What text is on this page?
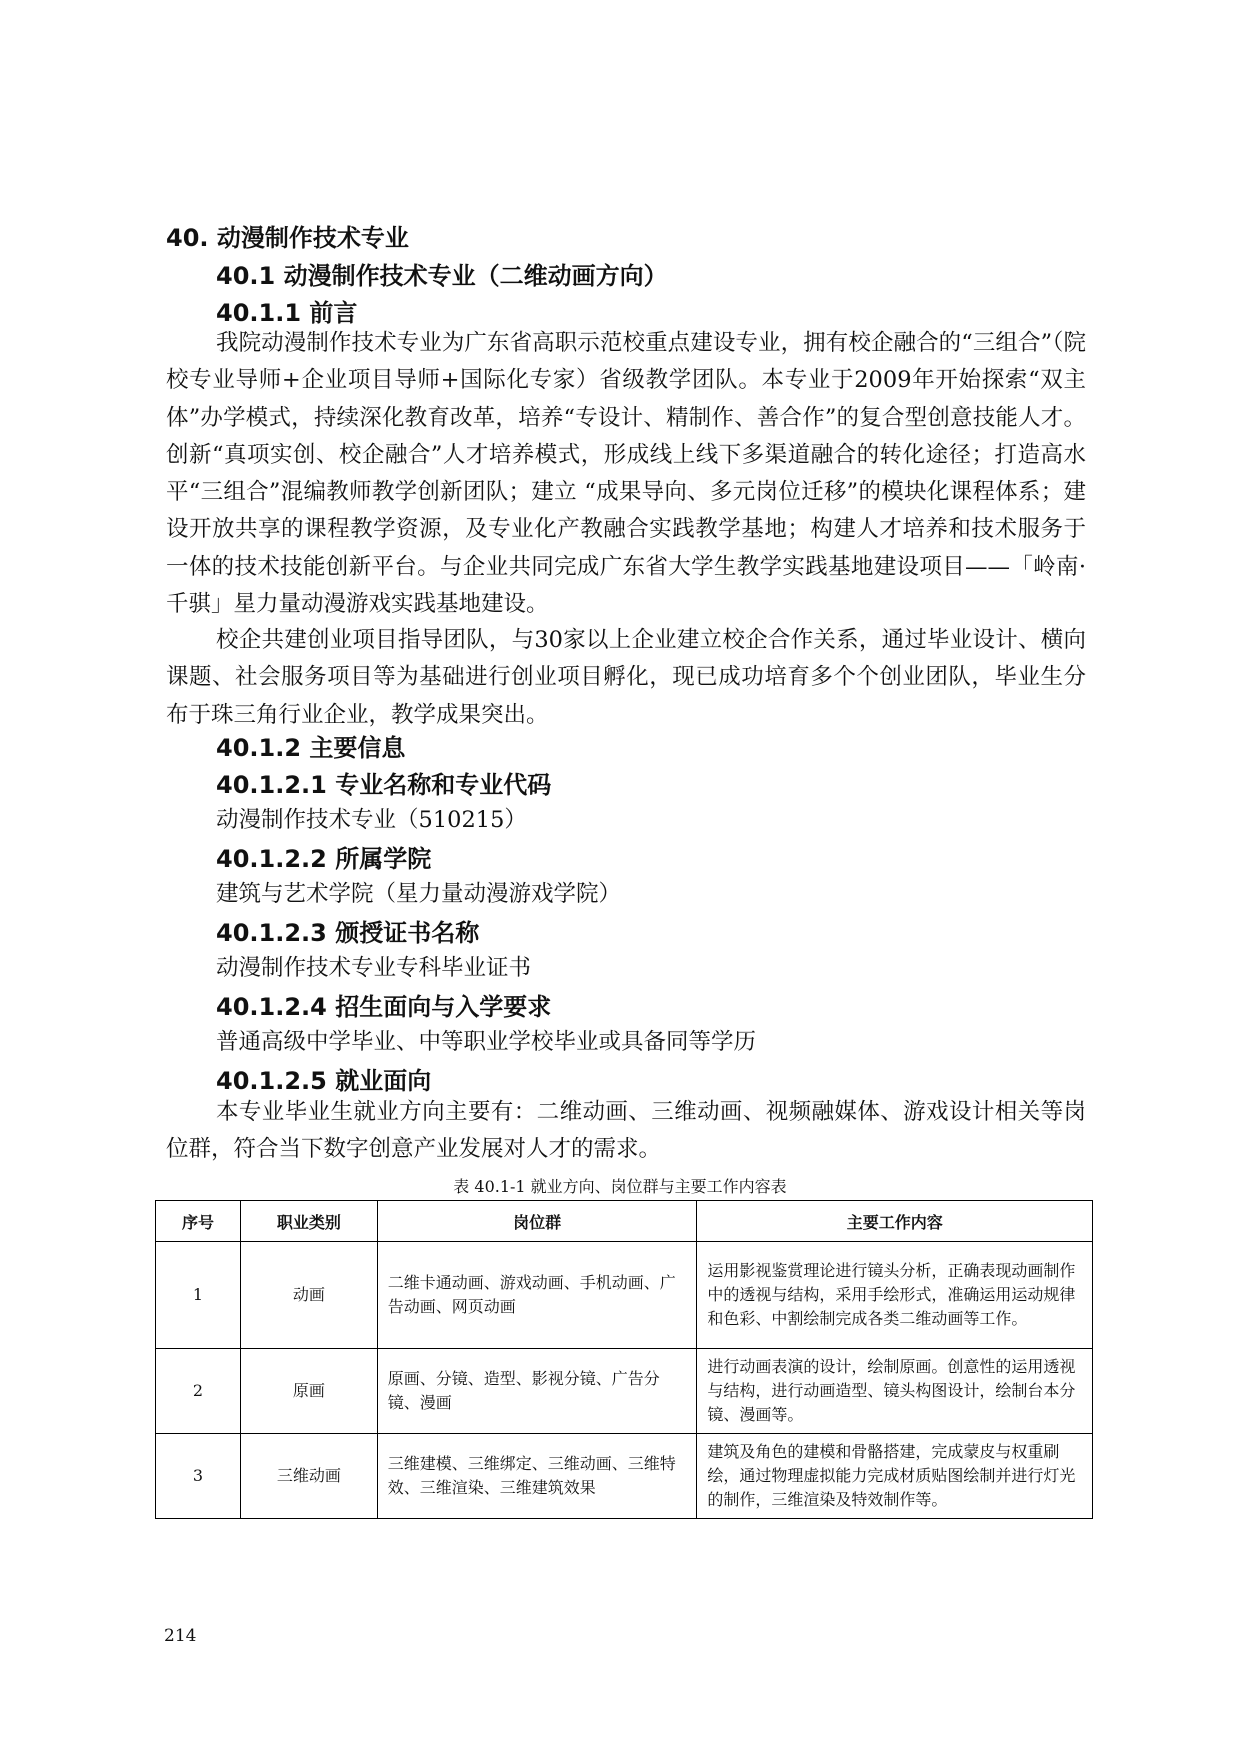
40. 动漫制作技术专业
40.1 动漫制作技术专业（二维动画方向）
40.1.1 前言

我院动漫制作技术专业为广东省高职示范校重点建设专业，拥有校企融合的“三组合”（院校专业导师+企业项目导师+国际化专家）省级教学团队。本专业于2009年开始探索“双主体”办学模式，持续深化教育改革，培养“专设计、精制作、善合作”的复合型创意技能人才。创新“真项实创、校企融合”人才培养模式，形成线上线下多渠道融合的转化途径；打造高水平“三组合”混编教师教学创新团队；建立 “成果导向、多元岗位迁移”的模块化课程体系；建设开放共享的课程教学资源，及专业化产教融合实践教学基地；构建人才培养和技术服务于一体的技术技能创新平台。与企业共同完成广东省大学生教学实践基地建设项目——「岭南·千骐」星力量动漫游戏实践基地建设。

校企共建创业项目指导团队，与30家以上企业建立校企合作关系，通过毕业设计、横向课题、社会服务项目等为基础进行创业项目孵化，现已成功培育多个个创业团队，毕业生分布于珠三角行业企业，教学成果突出。

40.1.2 主要信息
40.1.2.1 专业名称和专业代码
动漫制作技术专业（510215）
40.1.2.2 所属学院
建筑与艺术学院（星力量动漫游戏学院）
40.1.2.3 颁授证书名称
动漫制作技术专业专科毕业证书
40.1.2.4 招生面向与入学要求
普通高级中学毕业、中等职业学校毕业或具备同等学历
40.1.2.5 就业面向

本专业毕业生就业方向主要有：二维动画、三维动画、视频融媒体、游戏设计相关等岗位群，符合当下数字创意产业发展对人才的需求。

表 40.1-1 就业方向、岗位群与主要工作内容表
序号	职业类别	岗位群	主要工作内容
1	动画	二维卡通动画、游戏动画、手机动画、广告动画、网页动画	运用影视鉴赏理论进行镜头分析，正确表现动画制作中的透视与结构，采用手绘形式，准确运用运动规律和色彩、中割绘制完成各类二维动画等工作。
2	原画	原画、分镜、造型、影视分镜、广告分镜、漫画	进行动画表演的设计，绘制原画。创意性的运用透视与结构，进行动画造型、镜头构图设计，绘制台本分镜、漫画等。
3	三维动画	三维建模、三维绑定、三维动画、三维特效、三维渲染、三维建筑效果	建筑及角色的建模和骨骼搭建，完成蒙皮与权重刷绘，通过物理虚拟能力完成材质贴图绘制并进行灯光的制作，三维渲染及特效制作等。
214
